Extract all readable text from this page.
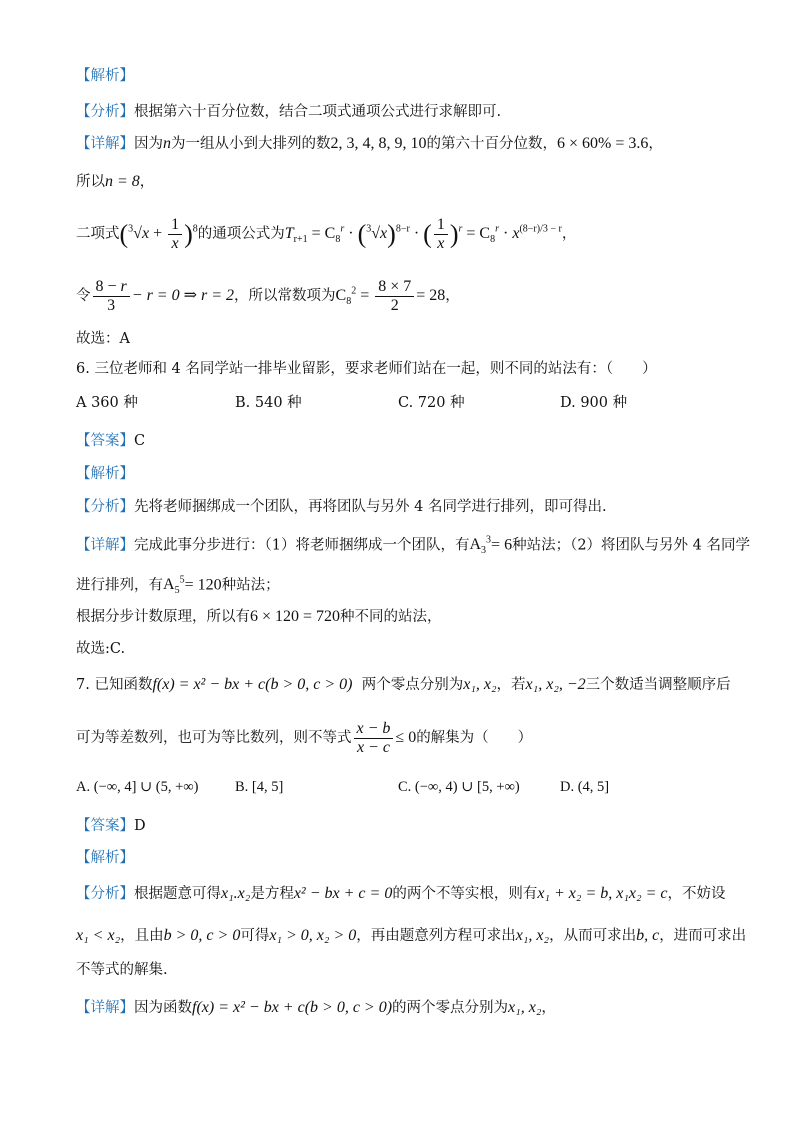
【解析】
【分析】根据第六十百分位数，结合二项式通项公式进行求解即可.
【详解】因为n为一组从小到大排列的数2, 3, 4, 8, 9, 10的第六十百分位数，6 × 60% = 3.6，
所以n = 8，
二项式$(^3√x + \frac{1}{x} )^8$的通项公式为$T_{r+1} = C_8^r \cdot (^3√x)^{8-r}$ · ( $\frac{1}{x} )^r = C_8^r \cdot x^{(8-r)/3 - r}$，
令 $\frac{8 - r}{3} - r = 0$ ⇒ r = 2，所以常数项为$C_8^2 = \frac{8 \times 7}{2} = 28$，
故选：A
6. 三位老师和 4 名同学站一排毕业留影，要求老师们站在一起，则不同的站法有：（　　）
A 360 种	B. 540 种	C. 720 种	D. 900 种
【答案】C
【解析】
【分析】先将老师捆绑成一个团队，再将团队与另外 4 名同学进行排列，即可得出.
【详解】完成此事分步进行：（1）将老师捆绑成一个团队，有$A_3^3= 6$种站法；（2）将团队与另外 4 名同学
进行排列，有$A_5^5= 120$种站法；
根据分步计数原理，所以有6 × 120 = 720种不同的站法，
故选:C.
7. 已知函数f(x) = x² − bx + c(b > 0, c > 0) 两个零点分别为x₁, x₂，若x₁, x₂, −2三个数适当调整顺序后
可为等差数列，也可为等比数列，则不等式 $\frac{x - b}{x - c} \le 0$的解集为（　　）
A. (−∞, 4] ∪ (5, +∞)	B. [4, 5]	C. (−∞, 4) ∪ [5, +∞)	D. (4, 5]
【答案】D
【解析】
【分析】根据题意可得x₁.x₂是方程x² − bx + c = 0的两个不等实根，则有x₁ + x₂ = b, x₁x₂ = c，不妨设
x₁ < x₂，且由b > 0, c > 0可得x₁ > 0, x₂ > 0，再由题意列方程可求出x₁, x₂，从而可求出b, c，进而可求出
不等式的解集.
【详解】因为函数f(x) = x² − bx + c(b > 0, c > 0)的两个零点分别为x₁, x₂，
